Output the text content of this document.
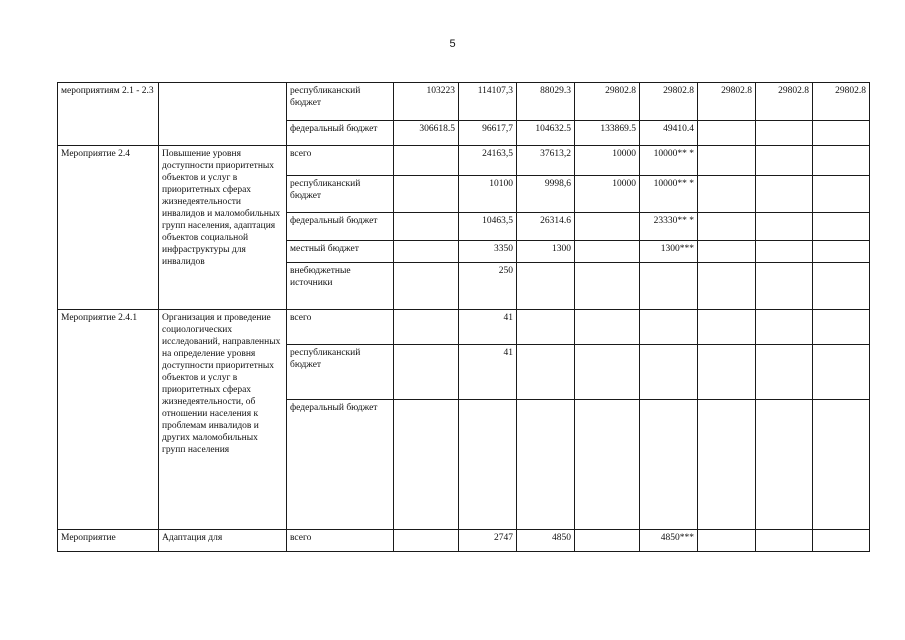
5
мероприятиям 2.1 - 2.3		республиканский бюджет	103223	114107,3	88029.3	29802.8	29802.8	29802.8	29802.8	29802.8
		федеральный бюджет	306618.5	96617,7	104632.5	133869.5	49410.4			
Мероприятие 2.4	Повышение уровня доступности приоритетных объектов и услуг в приоритетных сферах жизнедеятельности инвалидов и маломобильных групп населения, адаптация объектов социальной инфраструктуры для инвалидов	всего		24163,5	37613,2	10000	10000** *			
		республиканский бюджет		10100	9998,6	10000	10000** *			
		федеральный бюджет		10463,5	26314.6		23330** *			
		местный бюджет		3350	1300		1300***			
		внебюджетные источники		250						
Мероприятие 2.4.1	Организация и проведение социологических исследований, направленных на определение уровня доступности приоритетных объектов и услуг в приоритетных сферах жизнедеятельности, об отношении населения к проблемам инвалидов и других маломобильных групп населения	всего		41						
		республиканский бюджет		41						
		федеральный бюджет								
Мероприятие	Адаптация для	всего		2747	4850		4850***			
